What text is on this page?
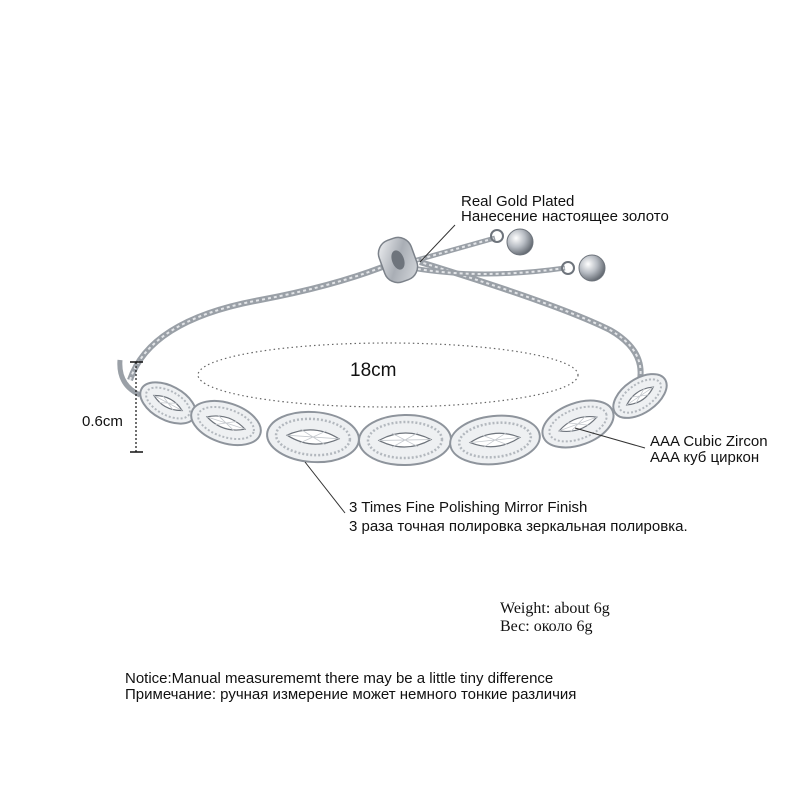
Real Gold Plated
Нанесение настоящее золото
18cm
0.6cm
AAA Cubic Zircon
AAA куб циркон
3 Times Fine Polishing Mirror Finish
3 раза точная полировка зеркальная полировка.
Weight: about 6g
Вес: около 6g
Notice:Manual measurememt there may be a little tiny difference
Примечание: ручная измерение может немного тонкие различия
